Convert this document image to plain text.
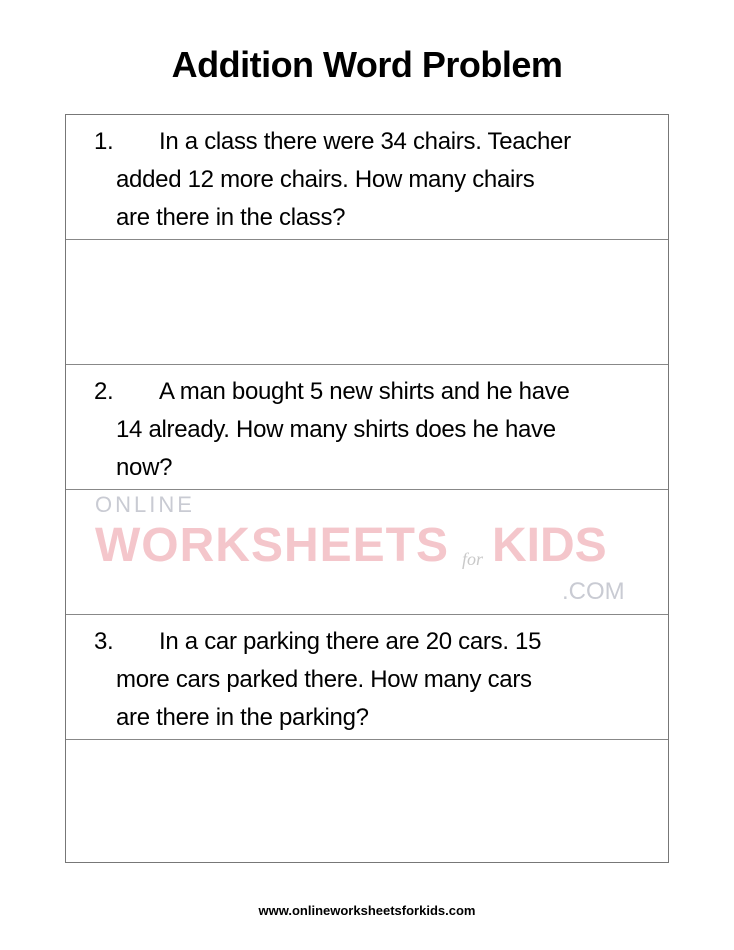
Addition Word Problem
1. In a class there were 34 chairs. Teacher
added 12 more chairs. How many chairs
are there in the class?
2. A man bought 5 new shirts and he have
14 already. How many shirts does he have
now?
3. In a car parking there are 20 cars. 15
more cars parked there. How many cars
are there in the parking?
ONLINE
WORKSHEETS for KIDS
.COM
www.onlineworksheetsforkids.com
